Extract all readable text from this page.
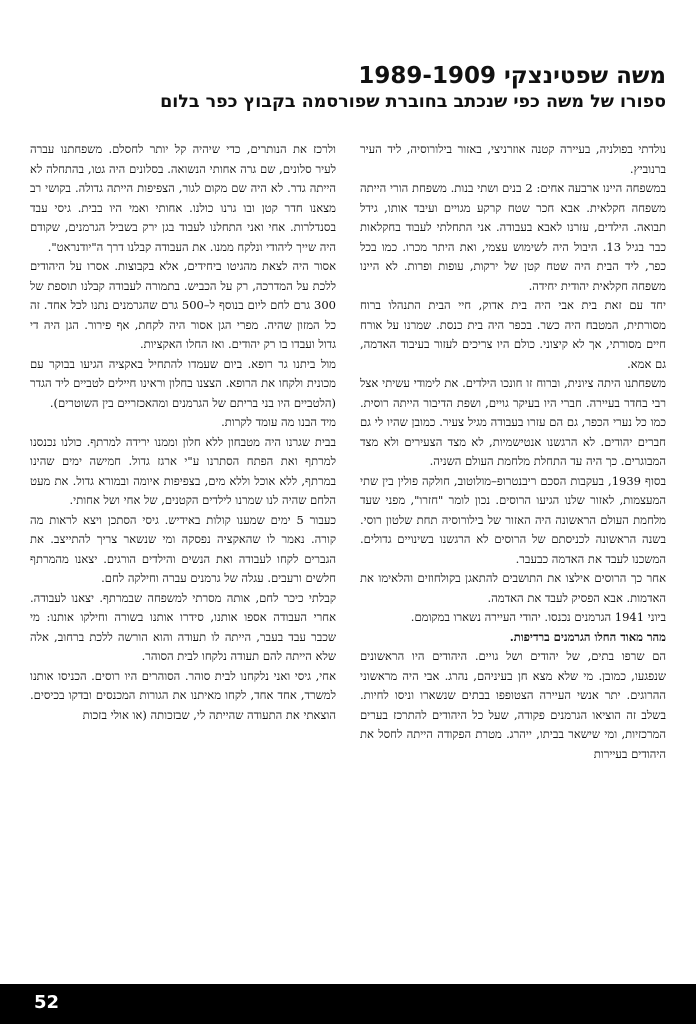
משה שפטינצקי 1989-1909
ספורו של משה כפי שנכתב בחוברת שפורסמה בקבוץ כפר בלום

נולדתי בפולניה, בעיירה קטנה אוזרניצי, באזור בילורוסיה, ליד העיר ברנוביץ.

במשפחה היינו ארבעה אחים: 2 בנים ושתי בנות. משפחת הורי הייתה משפחה חקלאית. אבא חכר שטח קרקע מגויים ועיבד אותו, גידל תבואה. הילדים, עזרנו לאבא בעבודה. אני התחלתי לעבוד בחקלאות כבר בגיל 13. היבול היה לשימוש עצמי, ואת היתר מכרו. כמו בכל כפר, ליד הבית היה שטח קטן של ירקות, עופות ופרות. לא היינו משפחה חקלאית יהודית יחידה.

יחד עם זאת בית אבי היה בית אדוק, חיי הבית התנהלו ברוח מסורתית, המטבח היה כשר. בכפר היה בית כנסת. שמרנו על אורח חיים מסורתי, אך לא קיצוני. כולם היו צריכים לעזור בעיבוד האדמה, גם אמא.

משפחתנו היתה ציונית, וברוח זו חונכו הילדים. את לימודי עשיתי אצל רבי בחדר בעיירה. חברי היו בעיקר גויים, ושפת הדיבור הייתה רוסית. כמו כל נערי הכפר, גם הם עזרו בעבודה מגיל צעיר. כמובן שהיו לי גם חברים יהודים. לא הרגשנו אנטישמיות, לא מצד הצעירים ולא מצד המבוגרים. כך היה עד התחלת מלחמת העולם השניה.

בסוף 1939, בעקבות הסכם ריבנטרופ–מולוטוב, חולקה פולין בין שתי המעצמות, לאזור שלנו הגיעו הרוסים. נכון לומר "חזרו", מפני שעד מלחמת העולם הראשונה היה האזור של בילורוסיה תחת שלטון רוסי. בשנה הראשונה לכניסתם של הרוסים לא הרגשנו בשינויים גדולים. המשכנו לעבד את האדמה כבעבר.

אחר כך הרוסים אילצו את התושבים להתאגן בקולחוזים והלאימו את האדמות. אבא הפסיק לעבד את האדמה.

ביוני 1941 הגרמנים נכנסו. יהודי העיירה נשארו במקומם.

מהר מאוד החלו הגרמנים ברדיפות.

הם שרפו בתים, של יהודים ושל גויים. היהודים היו הראשונים שנפגעו, כמובן. מי שלא מצא חן בעיניהם, נהרג. אבי היה מראשוני ההרוגים. יתר אנשי העיירה הצטופפו בבתים שנשארו וניסו לחיות. בשלב זה הוציאו הגרמנים פקודה, שעל כל היהודים להתרכז בערים המרכזיות, ומי שישאר בביתו, ייהרג. מטרת הפקודה הייתה לחסל את היהודים בעיירות

ולרכז את הנותרים, כדי שיהיה קל יותר לחסלם. משפחתנו עברה לעיר סלונים, שם גרה אחותי הנשואה. בסלונים היה גטו, בהתחלה לא הייתה גדר. לא היה שם מקום לגור, הצפיפות הייתה גדולה. בקושי רב מצאנו חדר קטן ובו גרנו כולנו. אחותי ואמי היו בבית. גיסי עבד בסנדלרות. אחי ואני התחלנו לעבוד בגן ירק בשביל הגרמנים, שקודם היה שייך ליהודי ונלקח ממנו. את העבודה קבלנו דרך ה"יודנראט".

אסור היה לצאת מהגיטו ביחידים, אלא בקבוצות. אסרו על היהודים ללכת על המדרכה, רק על הכביש. בתמורה לעבודה קבלנו תוספת של 300 גרם לחם ליום בנוסף ל–500 גרם שהגרמנים נתנו לכל אחד. זה כל המזון שהיה. מפרי הגן אסור היה לקחת, אף פירור. הגן היה די גדול ועבדו בו רק יהודים. ואז החלו האקציות.

מול ביתנו גר רופא. ביום שעמדו להתחיל באקציה הגיעו בבוקר עם מכונית ולקחו את הרופא. הצצנו בחלון וראינו חיילים לטביים ליד הגדר (הלטביים היו בני בריתם של הגרמנים ומהאכזריים בין השוטרים).

מיד הבנו מה עומד לקרות.

בבית שגרנו היה מטבחון ללא חלון וממנו ירידה למרתף. כולנו נכנסנו למרתף ואת הפתח הסתרנו ע"י ארגז גדול. חמישה ימים שהינו במרתף, ללא אוכל וללא מים, בצפיפות איומה ובמורא גדול. את מעט הלחם שהיה לנו שמרנו לילדים הקטנים, של אחי ושל אחותי.

כעבור 5 ימים שמענו קולות באידיש. גיסי הסתכן ויצא לראות מה קורה. נאמר לו שהאקציה נפסקה ומי שנשאר צריך להתייצב. את הגברים לקחו לעבודה ואת הנשים והילדים הורגים. יצאנו מהמרתף חלשים ורעבים. עגלה של גרמנים עברה וחילקה לחם.

קבלתי כיכר לחם, אותה מסרתי למשפחה שבמרתף. יצאנו לעבודה. אחרי העבודה אספו אותנו, סידרו אותנו בשורה וחילקו אותנו: מי שכבר עבד בעבר, הייתה לו תעודה והוא הורשה ללכת ברחוב, אלה שלא הייתה להם תעודה נלקחו לבית הסוהר.

אחי, גיסי ואני נלקחנו לבית סוהר. הסוהרים היו רוסים. הכניסו אותנו למשרד, אחד אחד, לקחו מאיתנו את הגורות המכנסים ובדקו בכיסים. הוצאתי את התעודה שהייתה לי, שבזכותה (או אולי בזכות

52
